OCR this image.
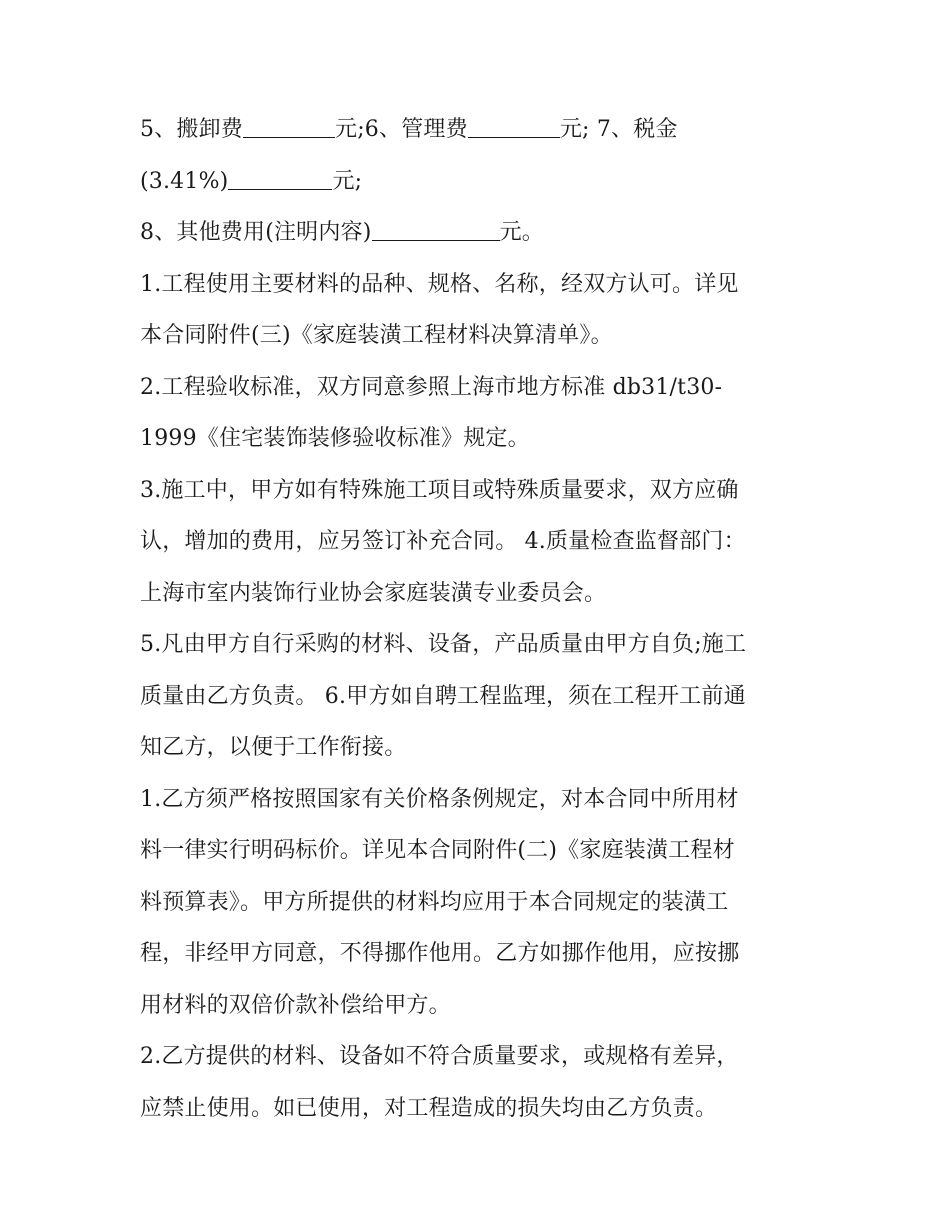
5、搬卸费	元;6、管理费	元; 7、税金
(3.41%)	元;
8、其他费用(注明内容)	元。
1.工程使用主要材料的品种、规格、名称，经双方认可。详见
本合同附件(三)《家庭装潢工程材料决算清单》。
2.工程验收标准，双方同意参照上海市地方标准 db31/t30-
1999《住宅装饰装修验收标准》规定。
3.施工中，甲方如有特殊施工项目或特殊质量要求，双方应确
认，增加的费用，应另签订补充合同。 4.质量检查监督部门：
上海市室内装饰行业协会家庭装潢专业委员会。
5.凡由甲方自行采购的材料、设备，产品质量由甲方自负;施工
质量由乙方负责。 6.甲方如自聘工程监理，须在工程开工前通
知乙方，以便于工作衔接。
1.乙方须严格按照国家有关价格条例规定，对本合同中所用材
料一律实行明码标价。详见本合同附件(二)《家庭装潢工程材
料预算表》。甲方所提供的材料均应用于本合同规定的装潢工
程，非经甲方同意，不得挪作他用。乙方如挪作他用，应按挪
用材料的双倍价款补偿给甲方。
2.乙方提供的材料、设备如不符合质量要求，或规格有差异，
应禁止使用。如已使用，对工程造成的损失均由乙方负责。
